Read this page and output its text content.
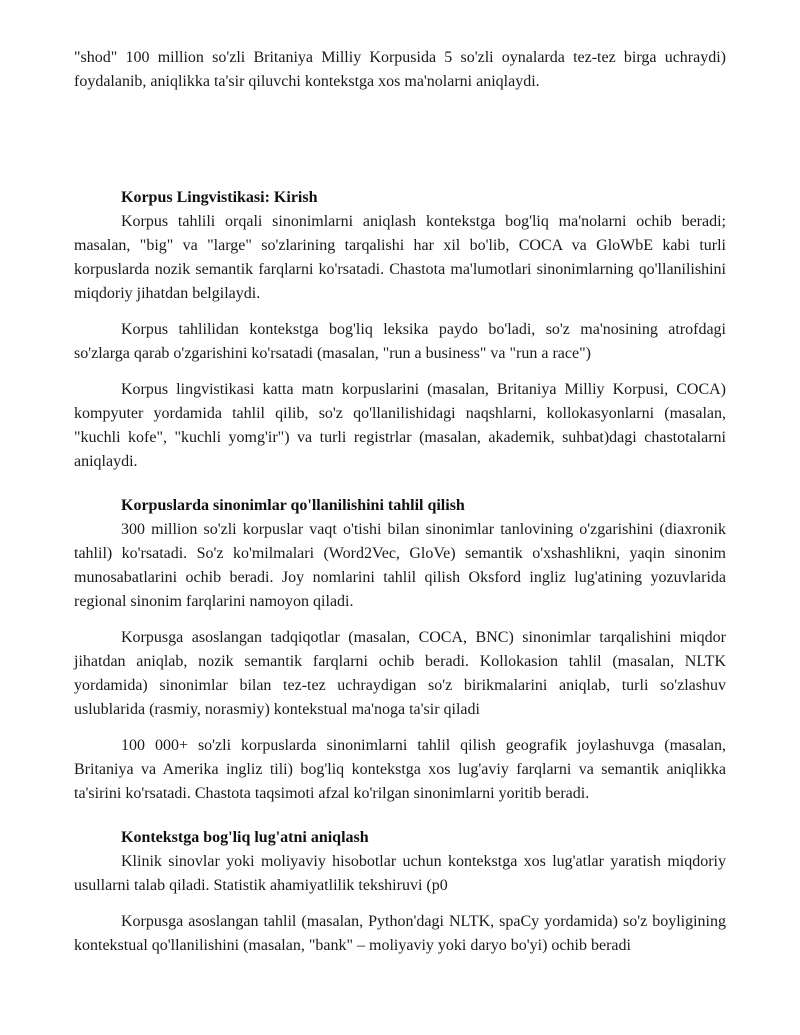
"shod" 100 million so'zli Britaniya Milliy Korpusida 5 so'zli oynalarda tez-tez birga uchraydi) foydalanib, aniqlikka ta'sir qiluvchi kontekstga xos ma'nolarni aniqlaydi.

Korpus Lingvistikasi: Kirish

Korpus tahlili orqali sinonimlarni aniqlash kontekstga bog'liq ma'nolarni ochib beradi; masalan, "big" va "large" so'zlarining tarqalishi har xil bo'lib, COCA va GloWbE kabi turli korpuslarda nozik semantik farqlarni ko'rsatadi. Chastota ma'lumotlari sinonimlarning qo'llanilishini miqdoriy jihatdan belgilaydi.

Korpus tahlilidan kontekstga bog'liq leksika paydo bo'ladi, so'z ma'nosining atrofdagi so'zlarga qarab o'zgarishini ko'rsatadi (masalan, "run a business" va "run a race")

Korpus lingvistikasi katta matn korpuslarini (masalan, Britaniya Milliy Korpusi, COCA) kompyuter yordamida tahlil qilib, so'z qo'llanilishidagi naqshlarni, kollokasyonlarni (masalan, "kuchli kofe", "kuchli yomg'ir") va turli registrlar (masalan, akademik, suhbat)dagi chastotalarni aniqlaydi.

Korpuslarda sinonimlar qo'llanilishini tahlil qilish

300 million so'zli korpuslar vaqt o'tishi bilan sinonimlar tanlovining o'zgarishini (diaxronik tahlil) ko'rsatadi. So'z ko'milmalari (Word2Vec, GloVe) semantik o'xshashlikni, yaqin sinonim munosabatlarini ochib beradi. Joy nomlarini tahlil qilish Oksford ingliz lug'atining yozuvlarida regional sinonim farqlarini namoyon qiladi.

Korpusga asoslangan tadqiqotlar (masalan, COCA, BNC) sinonimlar tarqalishini miqdor jihatdan aniqlab, nozik semantik farqlarni ochib beradi. Kollokasion tahlil (masalan, NLTK yordamida) sinonimlar bilan tez-tez uchraydigan so'z birikmalarini aniqlab, turli so'zlashuv uslublarida (rasmiy, norasmiy) kontekstual ma'noga ta'sir qiladi

100 000+ so'zli korpuslarda sinonimlarni tahlil qilish geografik joylashuvga (masalan, Britaniya va Amerika ingliz tili) bog'liq kontekstga xos lug'aviy farqlarni va semantik aniqlikka ta'sirini ko'rsatadi. Chastota taqsimoti afzal ko'rilgan sinonimlarni yoritib beradi.

Kontekstga bog'liq lug'atni aniqlash

Klinik sinovlar yoki moliyaviy hisobotlar uchun kontekstga xos lug'atlar yaratish miqdoriy usullarni talab qiladi. Statistik ahamiyatlilik tekshiruvi (p0

Korpusga asoslangan tahlil (masalan, Python'dagi NLTK, spaCy yordamida) so'z boyligining kontekstual qo'llanilishini (masalan, "bank" – moliyaviy yoki daryo bo'yi) ochib beradi
